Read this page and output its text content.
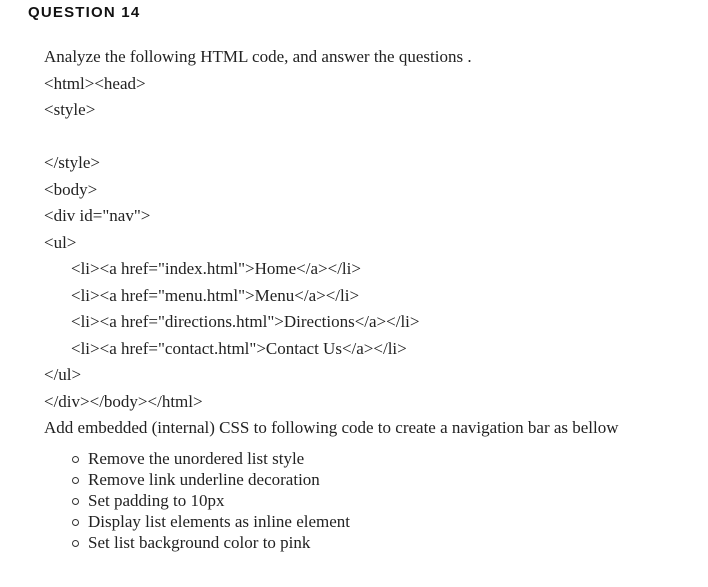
QUESTION 14
Analyze the following HTML code, and answer the questions .
<html><head>
<style>
</style>
<body>
<div id="nav">
<ul>
<li><a href="index.html">Home</a></li>
<li><a href="menu.html">Menu</a></li>
<li><a href="directions.html">Directions</a></li>
<li><a href="contact.html">Contact Us</a></li>
</ul>
</div></body></html>
Add embedded (internal) CSS to following code to create a navigation bar as bellow
Remove the unordered list style
Remove link underline decoration
Set padding to 10px
Display list elements as inline element
Set list background color to pink
